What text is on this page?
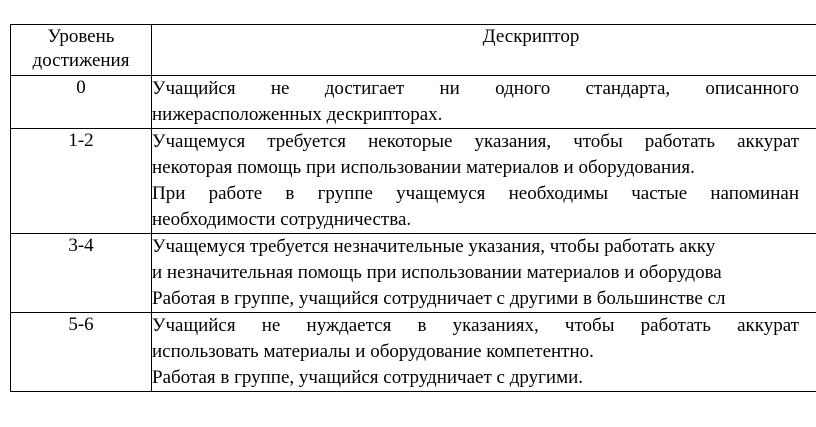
Уровень
достижения	Дескриптор
0	Учащийся не достигает ни одного стандарта, описанного
нижерасположенных дескрипторах.

1-2	Учащемуся требуется некоторые указания, чтобы работать аккурат
некоторая помощь при использовании материалов и оборудования.
При работе в группе учащемуся необходимы частые напоминан
необходимости сотрудничества.

3-4	Учащемуся требуется незначительные указания, чтобы работать акку
и незначительная помощь при использовании материалов и оборудова
Работая в группе, учащийся сотрудничает с другими в большинстве сл

5-6	Учащийся не нуждается в указаниях, чтобы работать аккурат
использовать материалы и оборудование компетентно.
Работая в группе, учащийся сотрудничает с другими.
